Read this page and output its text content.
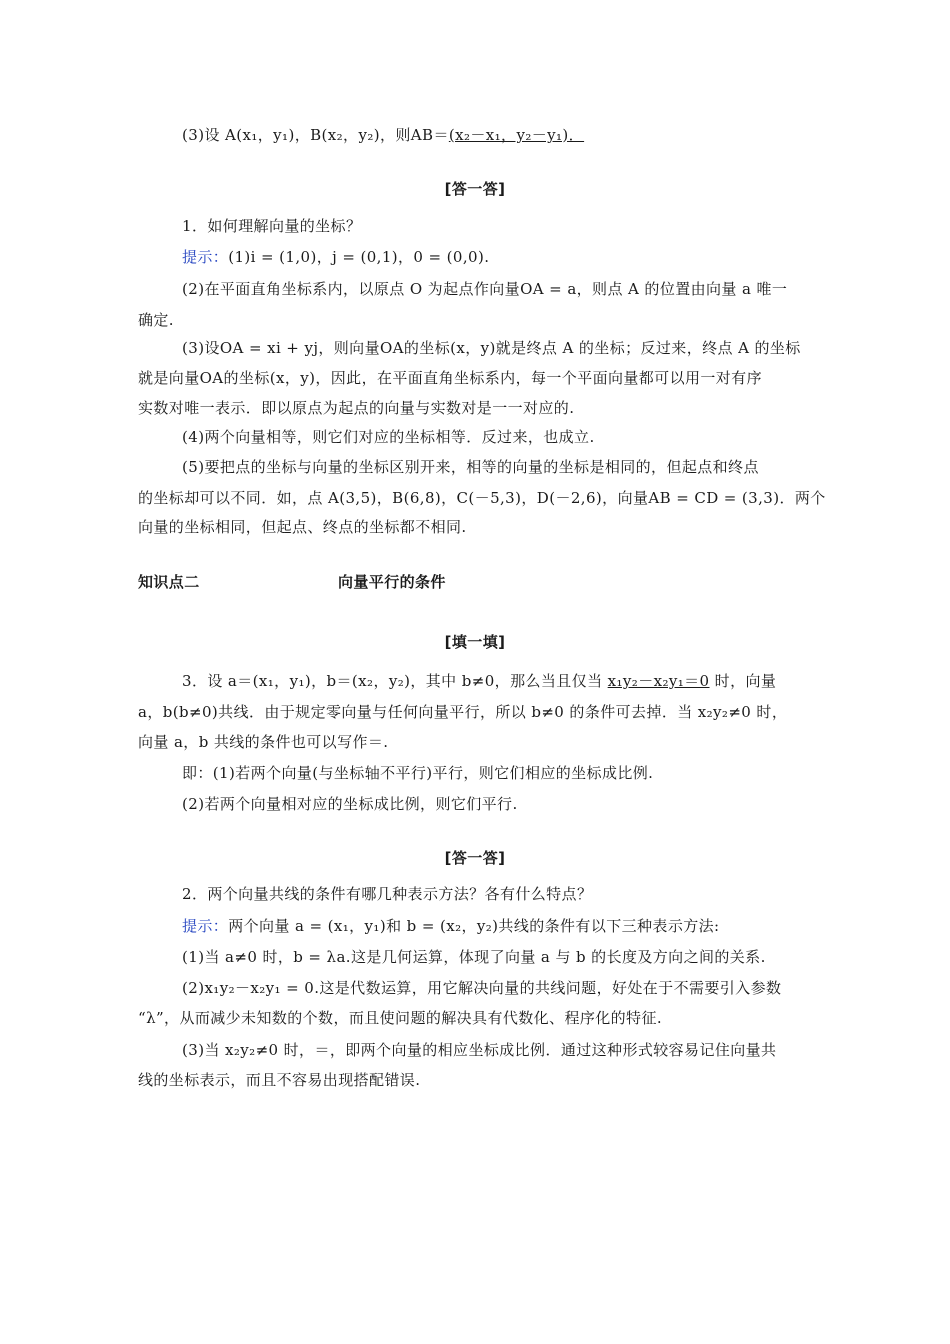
(3)设 A(x₁，y₁)，B(x₂，y₂)，则AB＝(x₂－x₁，y₂－y₁)．
[答一答]
1．如何理解向量的坐标？
提示：(1)i = (1,0)，j = (0,1)，0 = (0,0).
(2)在平面直角坐标系内，以原点 O 为起点作向量OA = a，则点 A 的位置由向量 a 唯一
确定.
(3)设OA = xi + yj，则向量OA的坐标(x，y)就是终点 A 的坐标；反过来，终点 A 的坐标
就是向量OA的坐标(x，y)，因此，在平面直角坐标系内，每一个平面向量都可以用一对有序
实数对唯一表示．即以原点为起点的向量与实数对是一一对应的.
(4)两个向量相等，则它们对应的坐标相等．反过来，也成立.
(5)要把点的坐标与向量的坐标区别开来，相等的向量的坐标是相同的，但起点和终点
的坐标却可以不同．如，点 A(3,5)，B(6,8)，C(－5,3)，D(－2,6)，向量AB = CD = (3,3)．两个
向量的坐标相同，但起点、终点的坐标都不相同.
知识点二	向量平行的条件
[填一填]
3．设 a＝(x₁，y₁)，b＝(x₂，y₂)，其中 b≠0，那么当且仅当 x₁y₂－x₂y₁＝0 时，向量
a，b(b≠0)共线．由于规定零向量与任何向量平行，所以 b≠0 的条件可去掉．当 x₂y₂≠0 时，
向量 a，b 共线的条件也可以写作＝.
即：(1)若两个向量(与坐标轴不平行)平行，则它们相应的坐标成比例.
(2)若两个向量相对应的坐标成比例，则它们平行.
[答一答]
2．两个向量共线的条件有哪几种表示方法？各有什么特点？
提示：两个向量 a = (x₁，y₁)和 b = (x₂，y₂)共线的条件有以下三种表示方法:
(1)当 a≠0 时，b = λa.这是几何运算，体现了向量 a 与 b 的长度及方向之间的关系.
(2)x₁y₂－x₂y₁ = 0.这是代数运算，用它解决向量的共线问题，好处在于不需要引入参数
“λ”，从而减少未知数的个数，而且使问题的解决具有代数化、程序化的特征.
(3)当 x₂y₂≠0 时，＝，即两个向量的相应坐标成比例．通过这种形式较容易记住向量共
线的坐标表示，而且不容易出现搭配错误.
